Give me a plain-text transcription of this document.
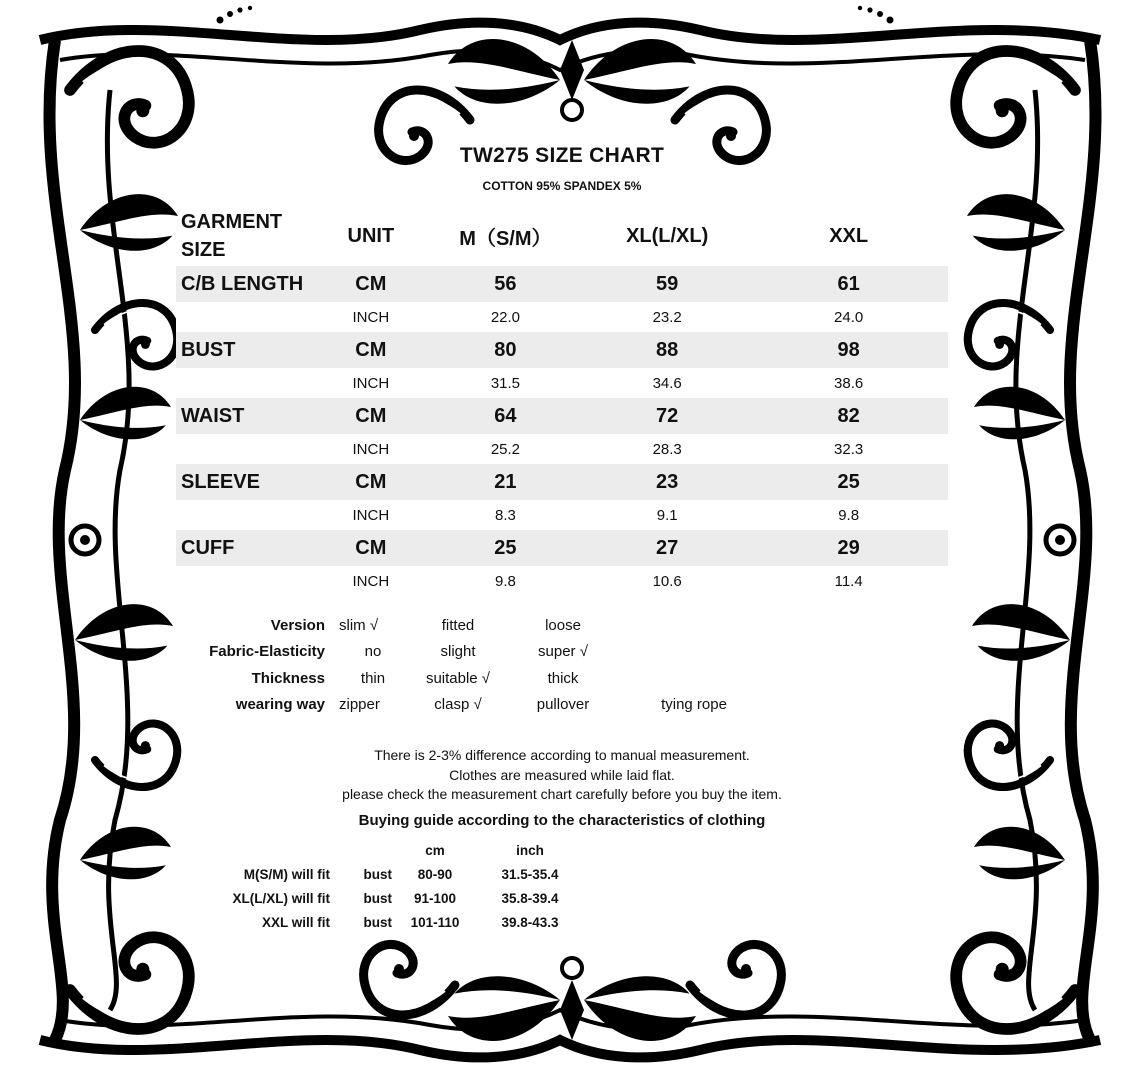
TW275 SIZE CHART
COTTON 95% SPANDEX 5%
GARMENT SIZE	UNIT	M（S/M）	XL(L/XL)	XXL
C/B LENGTH	CM	56	59	61
	INCH	22.0	23.2	24.0
BUST	CM	80	88	98
	INCH	31.5	34.6	38.6
WAIST	CM	64	72	82
	INCH	25.2	28.3	32.3
SLEEVE	CM	21	23	25
	INCH	8.3	9.1	9.8
CUFF	CM	25	27	29
	INCH	9.8	10.6	11.4
Version	slim √	fitted	loose	
Fabric-Elasticity	no	slight	super √	
Thickness	thin	suitable √	thick	
wearing way	zipper	clasp √	pullover	tying rope
There is 2-3% difference according to manual measurement.
Clothes are measured while laid flat.
please check the measurement chart carefully before you buy the item.
Buying guide according to the characteristics of clothing
		cm	inch
M(S/M) will fit	bust	80-90	31.5-35.4
XL(L/XL) will fit	bust	91-100	35.8-39.4
XXL will fit	bust	101-110	39.8-43.3
